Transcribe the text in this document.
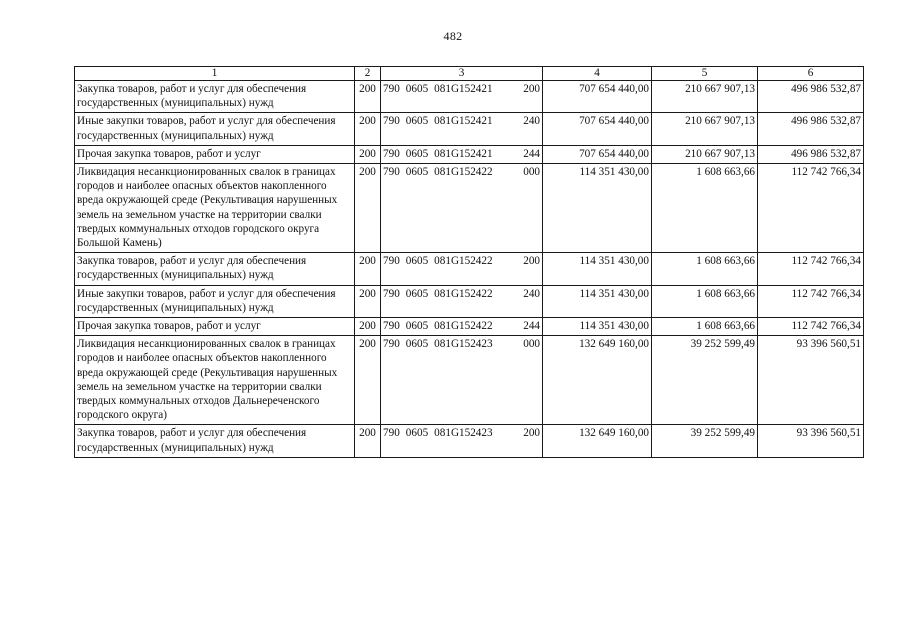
482
1	2	3	4	5	6
Закупка товаров, работ и услуг для обеспечения государственных (муниципальных) нужд	200	790 0605 081G152421 200	707 654 440,00	210 667 907,13	496 986 532,87
Иные закупки товаров, работ и услуг для обеспечения государственных (муниципальных) нужд	200	790 0605 081G152421 240	707 654 440,00	210 667 907,13	496 986 532,87
Прочая закупка товаров, работ и услуг	200	790 0605 081G152421 244	707 654 440,00	210 667 907,13	496 986 532,87
Ликвидация несанкционированных свалок в границах городов и наиболее опасных объектов накопленного вреда окружающей среде (Рекультивация нарушенных земель на земельном участке на территории свалки твердых коммунальных отходов городского округа Большой Камень)	200	790 0605 081G152422 000	114 351 430,00	1 608 663,66	112 742 766,34
Закупка товаров, работ и услуг для обеспечения государственных (муниципальных) нужд	200	790 0605 081G152422 200	114 351 430,00	1 608 663,66	112 742 766,34
Иные закупки товаров, работ и услуг для обеспечения государственных (муниципальных) нужд	200	790 0605 081G152422 240	114 351 430,00	1 608 663,66	112 742 766,34
Прочая закупка товаров, работ и услуг	200	790 0605 081G152422 244	114 351 430,00	1 608 663,66	112 742 766,34
Ликвидация несанкционированных свалок в границах городов и наиболее опасных объектов накопленного вреда окружающей среде (Рекультивация нарушенных земель на земельном участке на территории свалки твердых коммунальных отходов Дальнереченского городского округа)	200	790 0605 081G152423 000	132 649 160,00	39 252 599,49	93 396 560,51
Закупка товаров, работ и услуг для обеспечения государственных (муниципальных) нужд	200	790 0605 081G152423 200	132 649 160,00	39 252 599,49	93 396 560,51
